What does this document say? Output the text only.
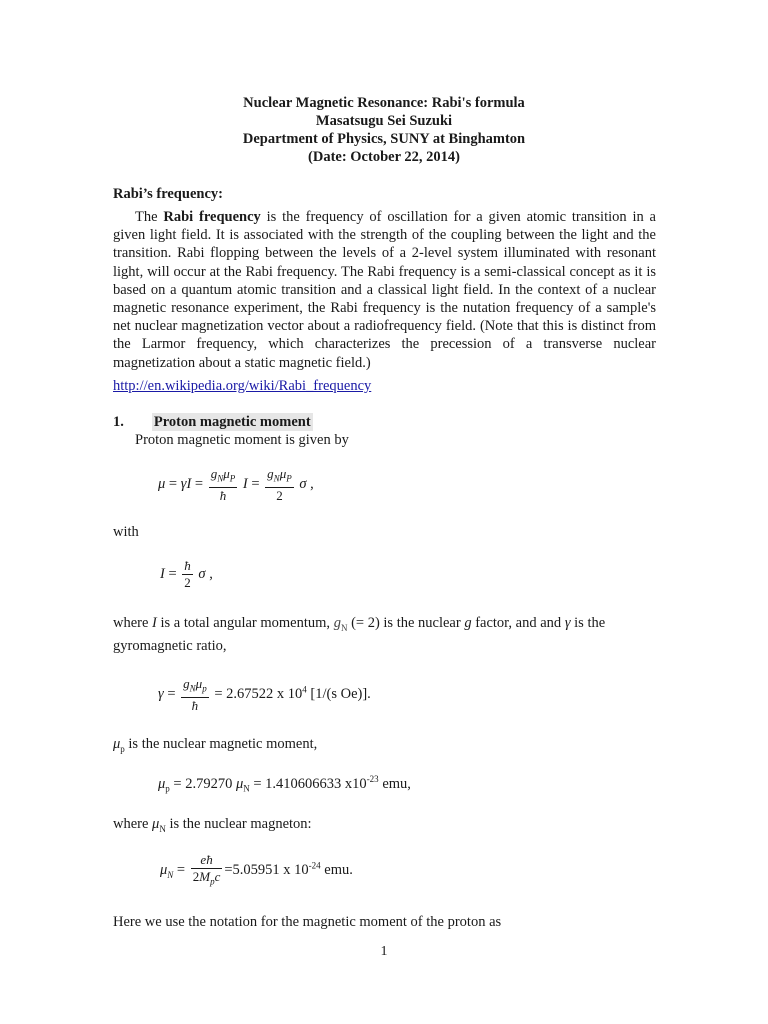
Nuclear Magnetic Resonance: Rabi's formula
Masatsugu Sei Suzuki
Department of Physics, SUNY at Binghamton
(Date: October 22, 2014)
Rabi’s frequency:
The Rabi frequency is the frequency of oscillation for a given atomic transition in a given light field. It is associated with the strength of the coupling between the light and the transition. Rabi flopping between the levels of a 2-level system illuminated with resonant light, will occur at the Rabi frequency. The Rabi frequency is a semi-classical concept as it is based on a quantum atomic transition and a classical light field. In the context of a nuclear magnetic resonance experiment, the Rabi frequency is the nutation frequency of a sample's net nuclear magnetization vector about a radiofrequency field. (Note that this is distinct from the Larmor frequency, which characterizes the precession of a transverse nuclear magnetization about a static magnetic field.)
http://en.wikipedia.org/wiki/Rabi_frequency
1. Proton magnetic moment
Proton magnetic moment is given by
$\mu = \gamma I = \frac{g_N\mu_P}{ħ}$ $I = \frac{g_N\mu_P}{2}$ σ ,
with
$I = \frac{ħ}{2}$ σ ,
where I is a total angular momentum, $g_N$ (= 2) is the nuclear g factor, and and γ is the
gyromagnetic ratio,
$\gamma = \frac{g_N\mu_p}{ħ} = 2.67522$ x $10^4$ [1/(s Oe)].
$\mu_p$ is the nuclear magnetic moment,
$\mu_p = 2.79270$ $\mu_N = 1.410606633$ $x10^{-23}$ emu,
where $\mu_N$ is the nuclear magneton:
$\mu_N = \frac{eħ}{2M_pc} =5.05951$ x $10^{-24}$ emu.
Here we use the notation for the magnetic moment of the proton as
1
